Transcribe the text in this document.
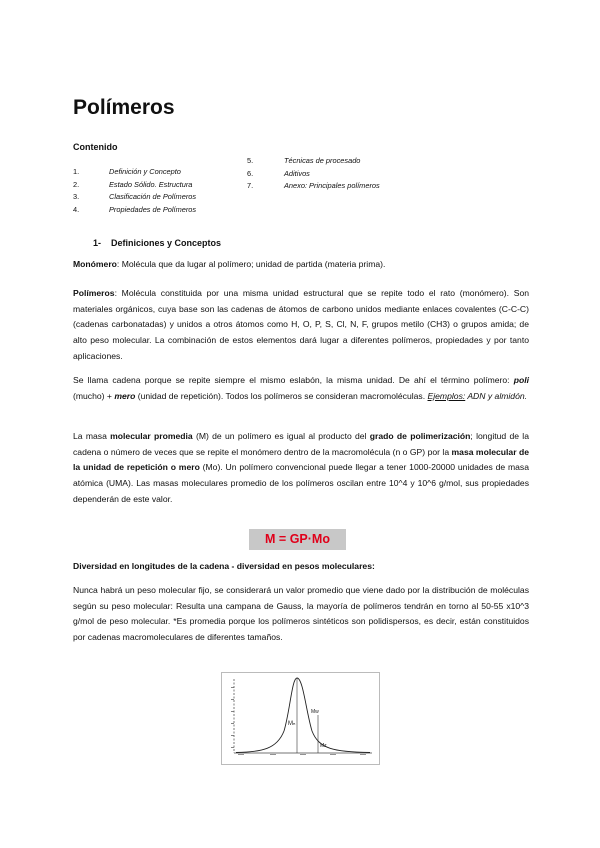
Polímeros
Contenido
1.	Definición y Concepto
2.	Estado Sólido. Estructura
3.	Clasificación de Polímeros
4.	Propiedades de Polímeros
5.	Técnicas de procesado
6.	Aditivos
7.	Anexo: Principales polímeros
1- Definiciones y Conceptos

Monómero: Molécula que da lugar al polímero; unidad de partida (materia prima).

Polímeros: Molécula constituida por una misma unidad estructural que se repite todo el rato (monómero). Son materiales orgánicos, cuya base son las cadenas de átomos de carbono unidos mediante enlaces covalentes (C-C-C) (cadenas carbonatadas) y unidos a otros átomos como H, O, P, S, Cl, N, F, grupos metilo (CH3) o grupos amida; de alto peso molecular. La combinación de estos elementos dará lugar a diferentes polímeros, propiedades y por tanto aplicaciones.

Se llama cadena porque se repite siempre el mismo eslabón, la misma unidad. De ahí el término polímero: poli (mucho) + mero (unidad de repetición). Todos los polímeros se consideran macromoléculas. Ejemplos: ADN y almidón.

La masa molecular promedia (M) de un polímero es igual al producto del grado de polimerización; longitud de la cadena o número de veces que se repite el monómero dentro de la macromolécula (n o GP) por la masa molecular de la unidad de repetición o mero (Mo). Un polímero convencional puede llegar a tener 1000-20000 unidades de masa atómica (UMA). Las masas moleculares promedio de los polímeros oscilan entre 10^4 y 10^6 g/mol, sus propiedades dependerán de este valor.

M = GP·Mo
Diversidad en longitudes de la cadena - diversidad en pesos moleculares:

Nunca habrá un peso molecular fijo, se considerará un valor promedio que viene dado por la distribución de moléculas según su peso molecular: Resulta una campana de Gauss, la mayoría de polímeros tendrán en torno al 50-55 x10^3 g/mol de peso molecular. *Es promedia porque los polímeros sintéticos son polidispersos, es decir, están constituidos por cadenas macromoleculares de diferentes tamaños.

Mₙ
Mw
Mz
